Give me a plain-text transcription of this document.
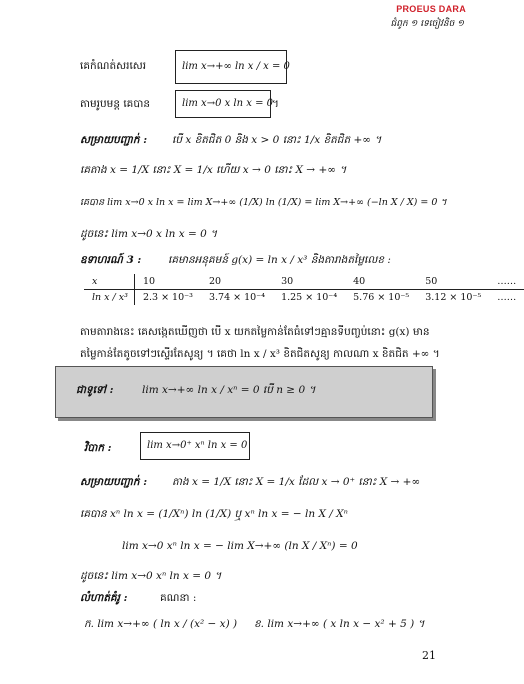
PROEUS DARA
ជំពូក ១ ទេចៀវនិច ១
គេកំណត់សរសេរ	lim x→+∞ ln x / x = 0
តាមរូបមន្ត គេបាន	lim x→0 x ln x = 0 ។
សម្រាយបញ្ជាក់ : បើ x ខិតជិត 0 និង x > 0 នោះ 1/x ខិតជិត +∞ ។
គេតាង x = 1/X នោះ X = 1/x ហើយ x → 0 នោះ X → +∞ ។
គេបាន lim x→0 x ln x = lim X→+∞ (1/X) ln (1/X) = lim X→+∞ (−ln X / X) = 0 ។
ដូចនេះ lim x→0 x ln x = 0 ។
ឧទាហរណ៍ 3 :	គេមានអនុគមន៍ g(x) = ln x / x³ និងតារាងតម្លៃលេខ :
x	10	20	30	40	50	……
ln x / x³	2.3 × 10⁻³	3.74 × 10⁻⁴	1.25 × 10⁻⁴	5.76 × 10⁻⁵	3.12 × 10⁻⁵	……
តាមតារាងនេះ គេសង្កេតឃើញថា បើ x យកតម្លៃកាន់តែធំទៅៗគ្មានទីបញ្ចប់នោះ g(x) មាន
តម្លៃកាន់តែតូចទៅៗស្ទើរតែសូន្យ ។ គេថា ln x / x³ ខិតជិតសូន្យ កាលណា x ខិតជិត +∞ ។
ជាទូទៅ :	lim x→+∞ ln x / xⁿ = 0 បើ n ≥ 0 ។
វិបាក :	lim x→0⁺ xⁿ ln x = 0
សម្រាយបញ្ជាក់ : តាង x = 1/X នោះ X = 1/x ដែល x → 0⁺ នោះ X → +∞
គេបាន xⁿ ln x = (1/Xⁿ) ln (1/X) ឬ xⁿ ln x = − ln X / Xⁿ
lim x→0 xⁿ ln x = − lim X→+∞ (ln X / Xⁿ) = 0
ដូចនេះ lim x→0 xⁿ ln x = 0 ។
លំហាត់គំរូ :	គណនា :
ក. lim x→+∞ ( ln x / (x² − x) ) ខ. lim x→+∞ ( x ln x − x² + 5 ) ។
21
